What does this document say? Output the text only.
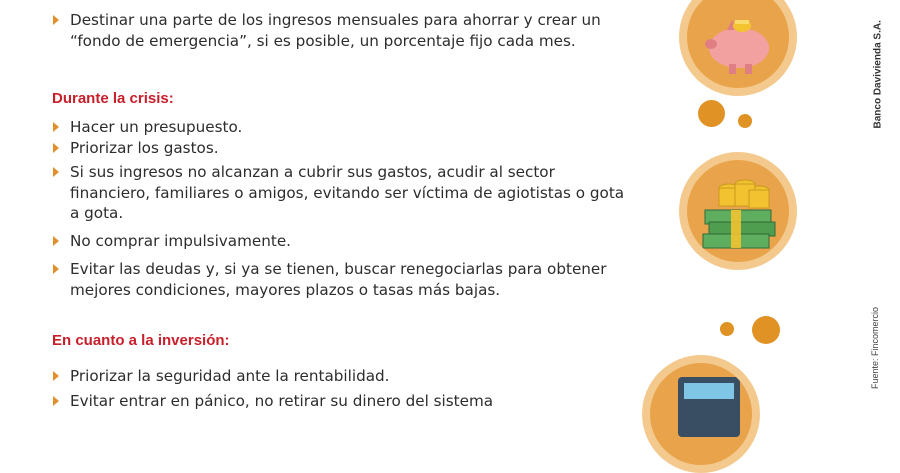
Destinar una parte de los ingresos mensuales para ahorrar y crear un “fondo de emergencia”, si es posible, un porcentaje fijo cada mes.
Durante la crisis:
Hacer un presupuesto.
Priorizar los gastos.
Si sus ingresos no alcanzan a cubrir sus gastos, acudir al sector financiero, familiares o amigos, evitando ser víctima de agiotistas o gota a gota.
No comprar impulsivamente.
Evitar las deudas y, si ya se tienen, buscar renegociarlas para obtener mejores condiciones, mayores plazos o tasas más bajas.
En cuanto a la inversión:
Priorizar la seguridad ante la rentabilidad.
Evitar entrar en pánico, no retirar su dinero del sistema
Banco Davivienda S.A.
Fuente: Fincomercio
